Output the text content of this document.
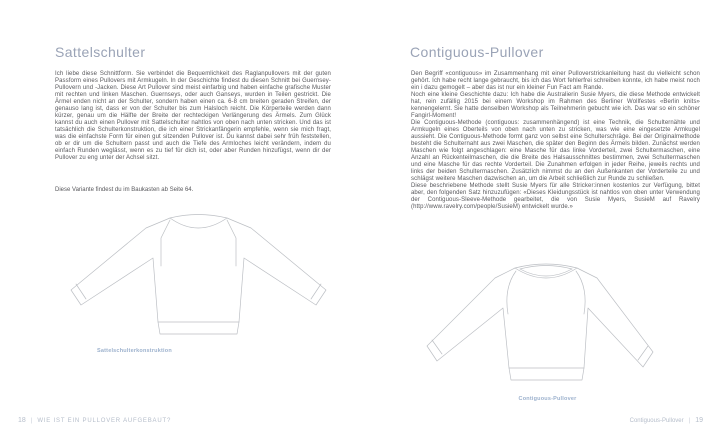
Sattelschulter
Ich liebe diese Schnittform. Sie verbindet die Bequemlichkeit des Raglanpullovers mit der guten Passform eines Pullovers mit Armkugeln. In der Geschichte findest du diesen Schnitt bei Guernsey-Pullovern und -Jacken. Diese Art Pullover sind meist einfarbig und haben einfache grafische Muster mit rechten und linken Maschen. Guernseys, oder auch Ganseys, wurden in Teilen gestrickt. Die Ärmel enden nicht an der Schulter, sondern haben einen ca. 6-8 cm breiten geraden Streifen, der genauso lang ist, dass er von der Schulter bis zum Halsloch reicht. Die Körperteile werden dann kürzer, genau um die Hälfte der Breite der rechteckigen Verlängerung des Ärmels. Zum Glück kannst du auch einen Pullover mit Sattelschulter nahtlos von oben nach unten stricken. Und das ist tatsächlich die Schulterkonstruktion, die ich einer Strickanfängerin empfehle, wenn sie mich fragt, was die einfachste Form für einen gut sitzenden Pullover ist. Du kannst dabei sehr früh feststellen, ob er dir um die Schultern passt und auch die Tiefe des Armloches leicht verändern, indem du einfach Runden weglässt, wenn es zu tief für dich ist, oder aber Runden hinzufügst, wenn dir der Pullover zu eng unter der Achsel sitzt.
Diese Variante findest du im Baukasten ab Seite 64.
Sattelschulterkonstruktion
18 | WIE IST EIN PULLOVER AUFGEBAUT?
Contiguous-Pullover

Den Begriff «contiguous» im Zusammenhang mit einer Pulloverstrickanleitung hast du vielleicht schon gehört. Ich habe recht lange gebraucht, bis ich das Wort fehlerfrei schreiben konnte, ich habe meist noch ein i dazu gemogelt – aber das ist nur ein kleiner Fun Fact am Rande.

Noch eine kleine Geschichte dazu: Ich habe die Australierin Susie Myers, die diese Methode entwickelt hat, rein zufällig 2015 bei einem Workshop im Rahmen des Berliner Wollfestes «Berlin knits» kennengelernt. Sie hatte denselben Workshop als Teilnehmerin gebucht wie ich. Das war so ein schöner Fangirl-Moment!

Die Contiguous-Methode (contiguous: zusammenhängend) ist eine Technik, die Schulternähte und Armkugeln eines Oberteils von oben nach unten zu stricken, was wie eine eingesetzte Armkugel aussieht. Die Contiguous-Methode formt ganz von selbst eine Schulterschräge. Bei der Originalmethode besteht die Schulternaht aus zwei Maschen, die später den Beginn des Ärmels bilden. Zunächst werden Maschen wie folgt angeschlagen: eine Masche für das linke Vorderteil, zwei Schultermaschen, eine Anzahl an Rückenteilmaschen, die die Breite des Halsausschnittes bestimmen, zwei Schultermaschen und eine Masche für das rechte Vorderteil. Die Zunahmen erfolgen in jeder Reihe, jeweils rechts und links der beiden Schultermaschen. Zusätzlich nimmst du an den Außenkanten der Vorderteile zu und schlägst weitere Maschen dazwischen an, um die Arbeit schließlich zur Runde zu schließen.

Diese beschriebene Methode stellt Susie Myers für alle Stricker:innen kostenlos zur Verfügung, bittet aber, den folgenden Satz hinzuzufügen: «Dieses Kleidungsstück ist nahtlos von oben unter Verwendung der Contiguous-Sleeve-Methode gearbeitet, die von Susie Myers, SusieM auf Ravelry (http://www.ravelry.com/people/SusieM) entwickelt wurde.»

Contiguous-Pullover
Contiguous-Pullover | 19
